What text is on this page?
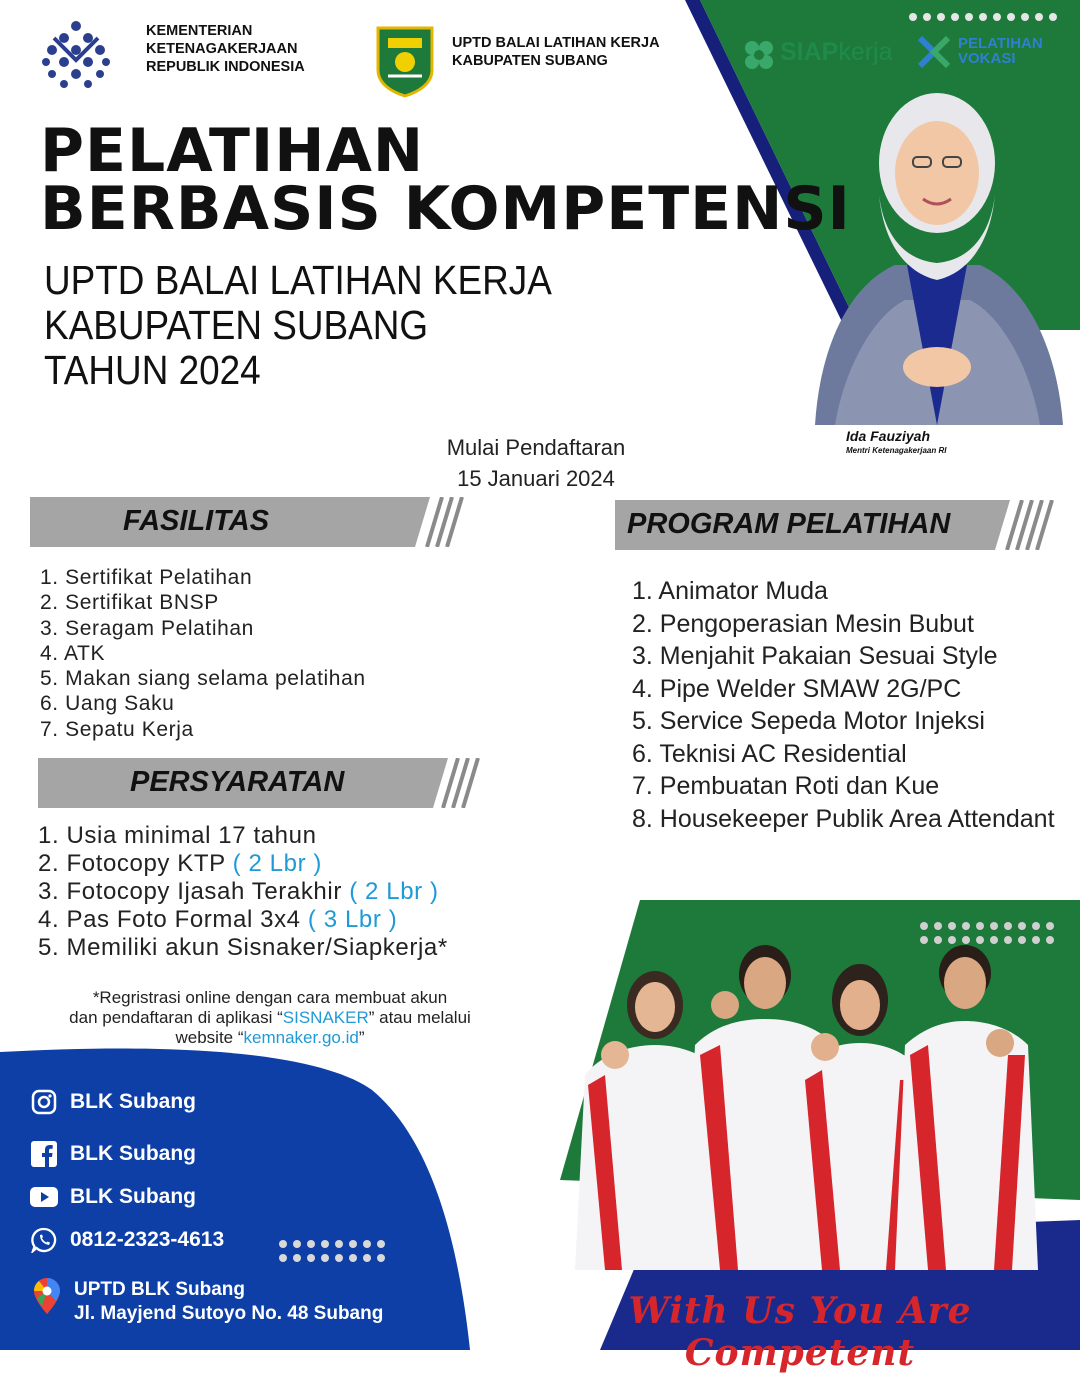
KEMENTERIAN
KETENAGAKERJAAN
REPUBLIK INDONESIA
UPTD BALAI LATIHAN KERJA
KABUPATEN SUBANG	SIAPkerja	PELATIHAN
VOKASI
Ida Fauziyah
Mentri Ketenagakerjaan RI
PELATIHAN
BERBASIS KOMPETENSI
UPTD BALAI LATIHAN KERJA
KABUPATEN SUBANG
TAHUN 2024
Mulai Pendaftaran
15 Januari 2024
FASILITAS	PROGRAM PELATIHAN
PERSYARATAN
1. Sertifikat Pelatihan
2. Sertifikat BNSP
3. Seragam Pelatihan
4. ATK
5. Makan siang selama pelatihan
6. Uang Saku
7. Sepatu Kerja
1. Animator Muda
2. Pengoperasian Mesin Bubut
3. Menjahit Pakaian Sesuai Style
4. Pipe Welder SMAW 2G/PC
5. Service Sepeda Motor Injeksi
6. Teknisi AC Residential
7. Pembuatan Roti dan Kue
8. Housekeeper Publik Area Attendant
1. Usia minimal 17 tahun
2. Fotocopy KTP ( 2 Lbr )
3. Fotocopy Ijasah Terakhir ( 2 Lbr )
4. Pas Foto Formal 3x4 ( 3 Lbr )
5. Memiliki akun Sisnaker/Siapkerja*
*Regristrasi online dengan cara membuat akun
dan pendaftaran di aplikasi “SISNAKER” atau melalui
website “kemnaker.go.id”
BLK Subang
BLK Subang
BLK Subang
0812-2323-4613
UPTD BLK Subang
Jl. Mayjend Sutoyo No. 48 Subang	With Us You Are Competent
